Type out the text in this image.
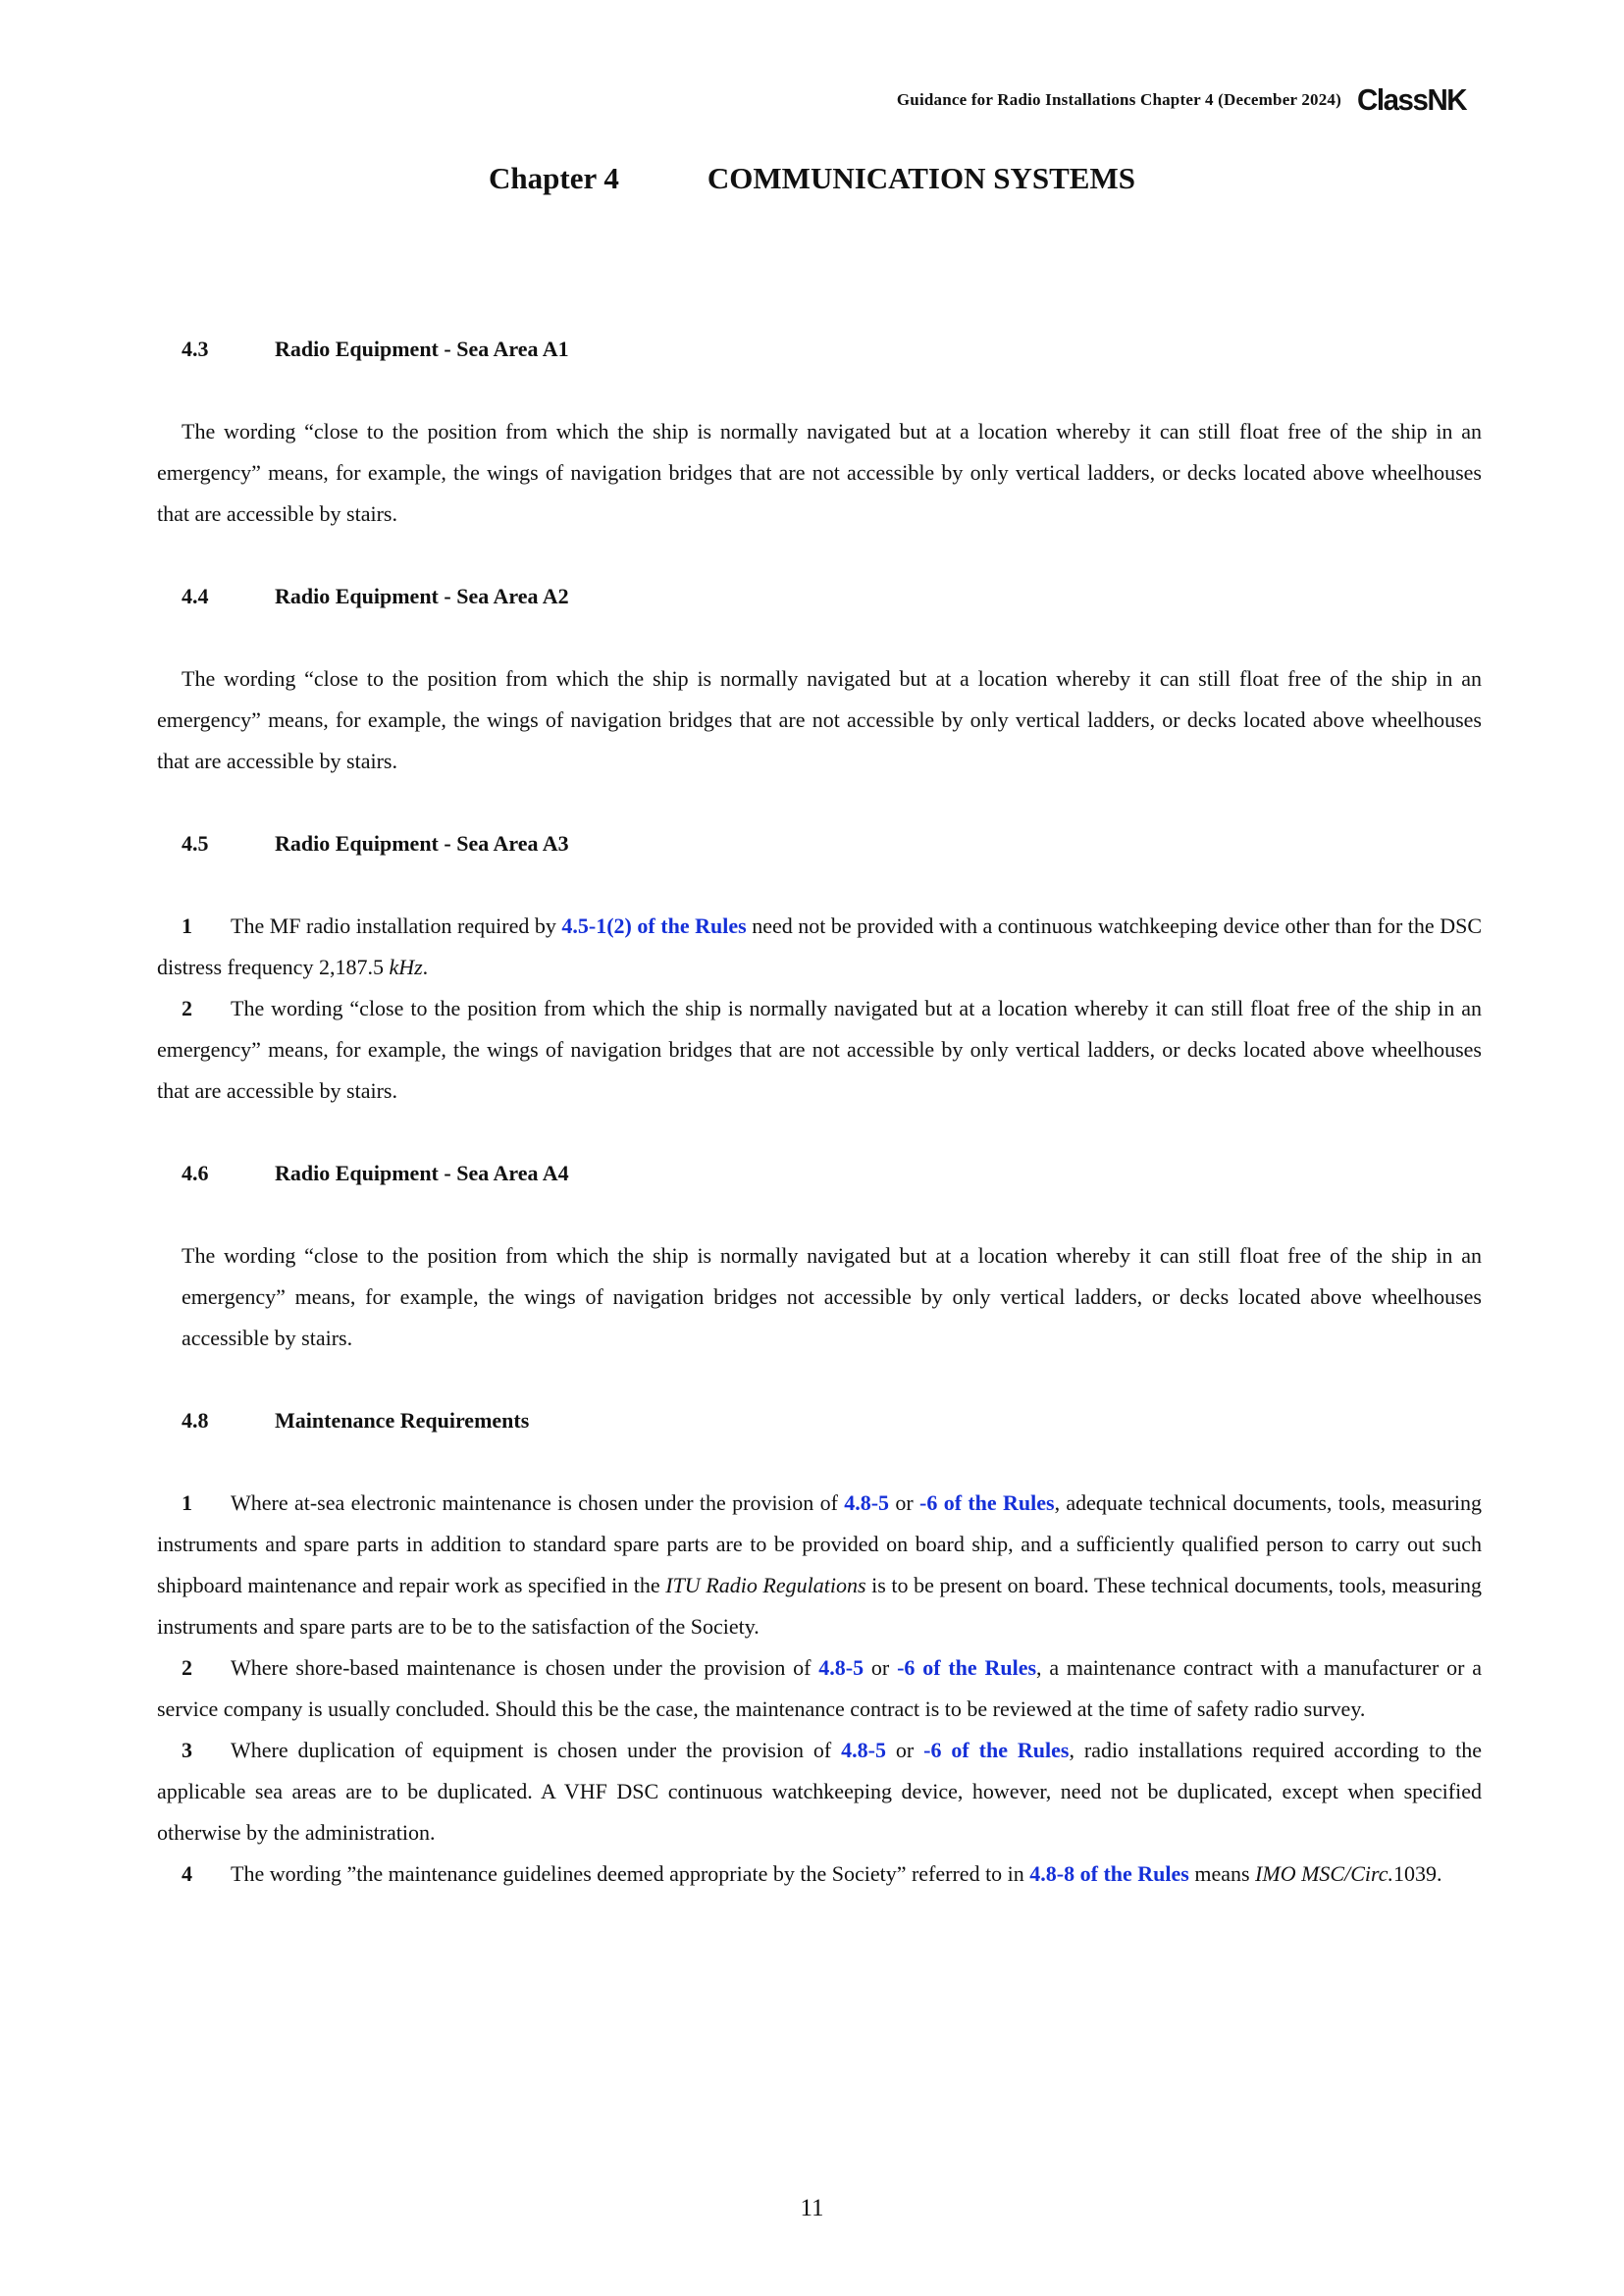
Guidance for Radio Installations Chapter 4 (December 2024) ClassNK
Chapter 4	COMMUNICATION SYSTEMS
4.3	Radio Equipment - Sea Area A1

The wording “close to the position from which the ship is normally navigated but at a location whereby it can still float free of the ship in an emergency” means, for example, the wings of navigation bridges that are not accessible by only vertical ladders, or decks located above wheelhouses that are accessible by stairs.

4.4	Radio Equipment - Sea Area A2

The wording “close to the position from which the ship is normally navigated but at a location whereby it can still float free of the ship in an emergency” means, for example, the wings of navigation bridges that are not accessible by only vertical ladders, or decks located above wheelhouses that are accessible by stairs.

4.5	Radio Equipment - Sea Area A3

1 The MF radio installation required by 4.5-1(2) of the Rules need not be provided with a continuous watchkeeping device other than for the DSC distress frequency 2,187.5 kHz.

2 The wording “close to the position from which the ship is normally navigated but at a location whereby it can still float free of the ship in an emergency” means, for example, the wings of navigation bridges that are not accessible by only vertical ladders, or decks located above wheelhouses that are accessible by stairs.

4.6	Radio Equipment - Sea Area A4

The wording “close to the position from which the ship is normally navigated but at a location whereby it can still float free of the ship in an emergency” means, for example, the wings of navigation bridges not accessible by only vertical ladders, or decks located above wheelhouses accessible by stairs.

4.8	Maintenance Requirements

1 Where at-sea electronic maintenance is chosen under the provision of 4.8-5 or -6 of the Rules, adequate technical documents, tools, measuring instruments and spare parts in addition to standard spare parts are to be provided on board ship, and a sufficiently qualified person to carry out such shipboard maintenance and repair work as specified in the ITU Radio Regulations is to be present on board. These technical documents, tools, measuring instruments and spare parts are to be to the satisfaction of the Society.

2 Where shore-based maintenance is chosen under the provision of 4.8-5 or -6 of the Rules, a maintenance contract with a manufacturer or a service company is usually concluded. Should this be the case, the maintenance contract is to be reviewed at the time of safety radio survey.

3 Where duplication of equipment is chosen under the provision of 4.8-5 or -6 of the Rules, radio installations required according to the applicable sea areas are to be duplicated. A VHF DSC continuous watchkeeping device, however, need not be duplicated, except when specified otherwise by the administration.

4 The wording ”the maintenance guidelines deemed appropriate by the Society” referred to in 4.8-8 of the Rules means IMO MSC/Circ.1039.

11
